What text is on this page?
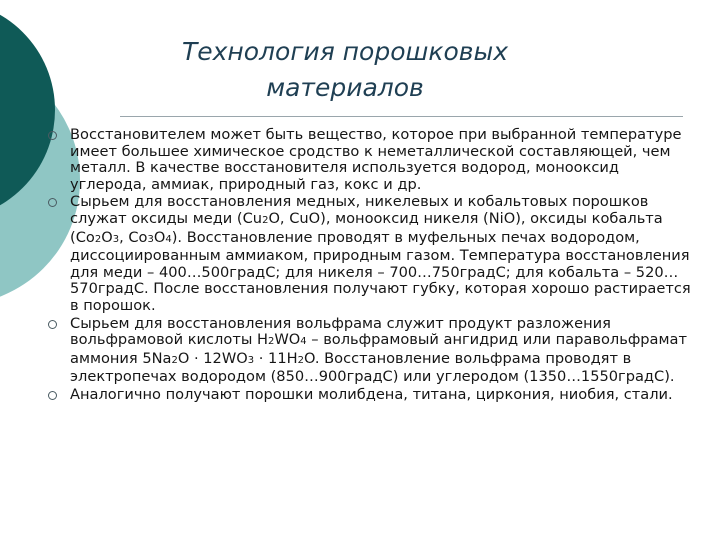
Технология порошковых
материалов
Восстановителем может быть вещество, которое при выбранной температуре имеет большее химическое сродство к неметаллической составляющей, чем металл. В качестве восстановителя используется водород, монооксид углерода, аммиак, природный газ, кокс и др.
Сырьем для восстановления медных, никелевых и кобальтовых порошков служат оксиды меди (Cu2O, CuO), монооксид никеля (NiO), оксиды кобальта (Co2O3, Co3O4). Восстановление проводят в муфельных печах водородом, диссоциированным аммиаком, природным газом. Температура восстановления для меди – 400…500градС; для никеля – 700…750градС; для кобальта – 520…570градС. После восстановления получают губку, которая хорошо растирается в порошок.
Сырьем для восстановления вольфрама служит продукт разложения вольфрамовой кислоты H2WO4 – вольфрамовый ангидрид или паравольфрамат аммония 5Na2O · 12WO3 · 11H2O. Восстановление вольфрама проводят в электропечах водородом (850…900градС) или углеродом (1350…1550градС).
Аналогично получают порошки молибдена, титана, циркония, ниобия, стали.
